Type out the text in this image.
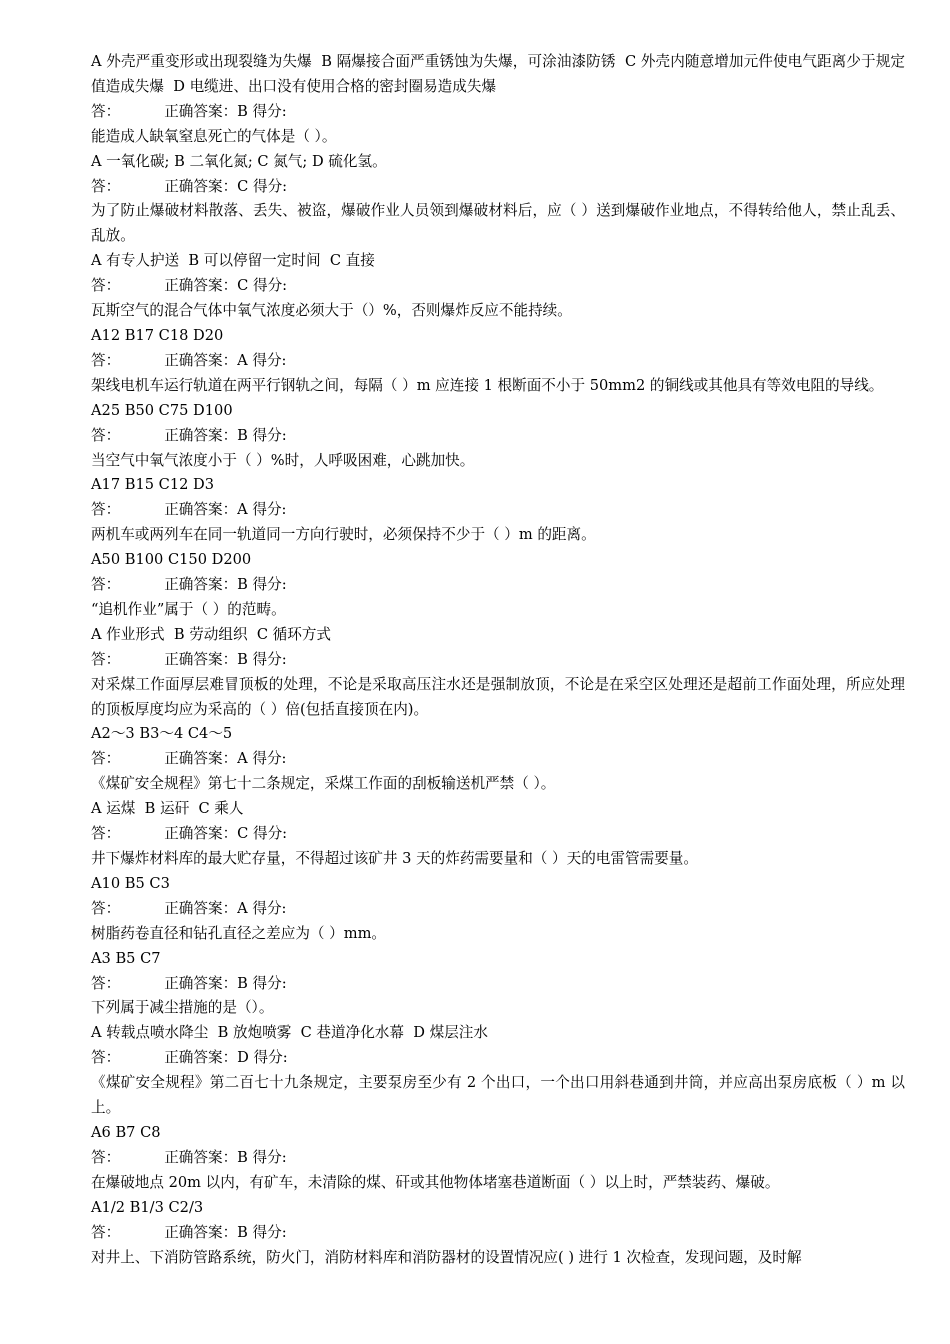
A 外壳严重变形或出现裂缝为失爆  B 隔爆接合面严重锈蚀为失爆，可涂油漆防锈  C 外壳内随意增加元件使电气距离少于规定值造成失爆  D 电缆进、出口没有使用合格的密封圈易造成失爆

答：	正确答案：B 得分:

能造成人缺氧窒息死亡的气体是（ ）。

A 一氧化碳; B 二氧化氮; C 氮气; D 硫化氢。

答：	正确答案：C 得分:

为了防止爆破材料散落、丢失、被盗，爆破作业人员领到爆破材料后，应（ ）送到爆破作业地点，不得转给他人，禁止乱丢、乱放。

A 有专人护送  B 可以停留一定时间  C 直接

答：	正确答案：C 得分:

瓦斯空气的混合气体中氧气浓度必须大于（）%，否则爆炸反应不能持续。

A12 B17 C18 D20

答：	正确答案：A 得分:

架线电机车运行轨道在两平行钢轨之间，每隔（ ）m 应连接 1 根断面不小于 50mm2 的铜线或其他具有等效电阻的导线。

A25 B50 C75 D100

答：	正确答案：B 得分:

当空气中氧气浓度小于（ ）%时，人呼吸困难，心跳加快。

A17 B15 C12 D3

答：	正确答案：A 得分:

两机车或两列车在同一轨道同一方向行驶时，必须保持不少于（ ）m 的距离。

A50 B100 C150 D200

答：	正确答案：B 得分:

“追机作业”属于（ ）的范畴。

A 作业形式  B 劳动组织  C 循环方式

答：	正确答案：B 得分:

对采煤工作面厚层难冒顶板的处理，不论是采取高压注水还是强制放顶，不论是在采空区处理还是超前工作面处理，所应处理的顶板厚度均应为采高的（ ）倍(包括直接顶在内)。

A2～3 B3～4 C4～5

答：	正确答案：A 得分:

《煤矿安全规程》第七十二条规定，采煤工作面的刮板输送机严禁（ ）。

A 运煤  B 运矸  C 乘人

答：	正确答案：C 得分:

井下爆炸材料库的最大贮存量，不得超过该矿井 3 天的炸药需要量和（ ）天的电雷管需要量。

A10 B5 C3

答：	正确答案：A 得分:

树脂药卷直径和钻孔直径之差应为（ ）mm。

A3 B5 C7

答：	正确答案：B 得分:

下列属于减尘措施的是（）。

A 转载点喷水降尘  B 放炮喷雾  C 巷道净化水幕  D 煤层注水

答：	正确答案：D 得分:

《煤矿安全规程》第二百七十九条规定，主要泵房至少有 2 个出口，一个出口用斜巷通到井筒，并应高出泵房底板（ ）m 以上。

A6 B7 C8

答：	正确答案：B 得分:

在爆破地点 20m 以内，有矿车，未清除的煤、矸或其他物体堵塞巷道断面（ ）以上时，严禁装药、爆破。

A1/2 B1/3 C2/3

答：	正确答案：B 得分:

对井上、下消防管路系统，防火门，消防材料库和消防器材的设置情况应( ) 进行 1 次检查，发现问题，及时解
